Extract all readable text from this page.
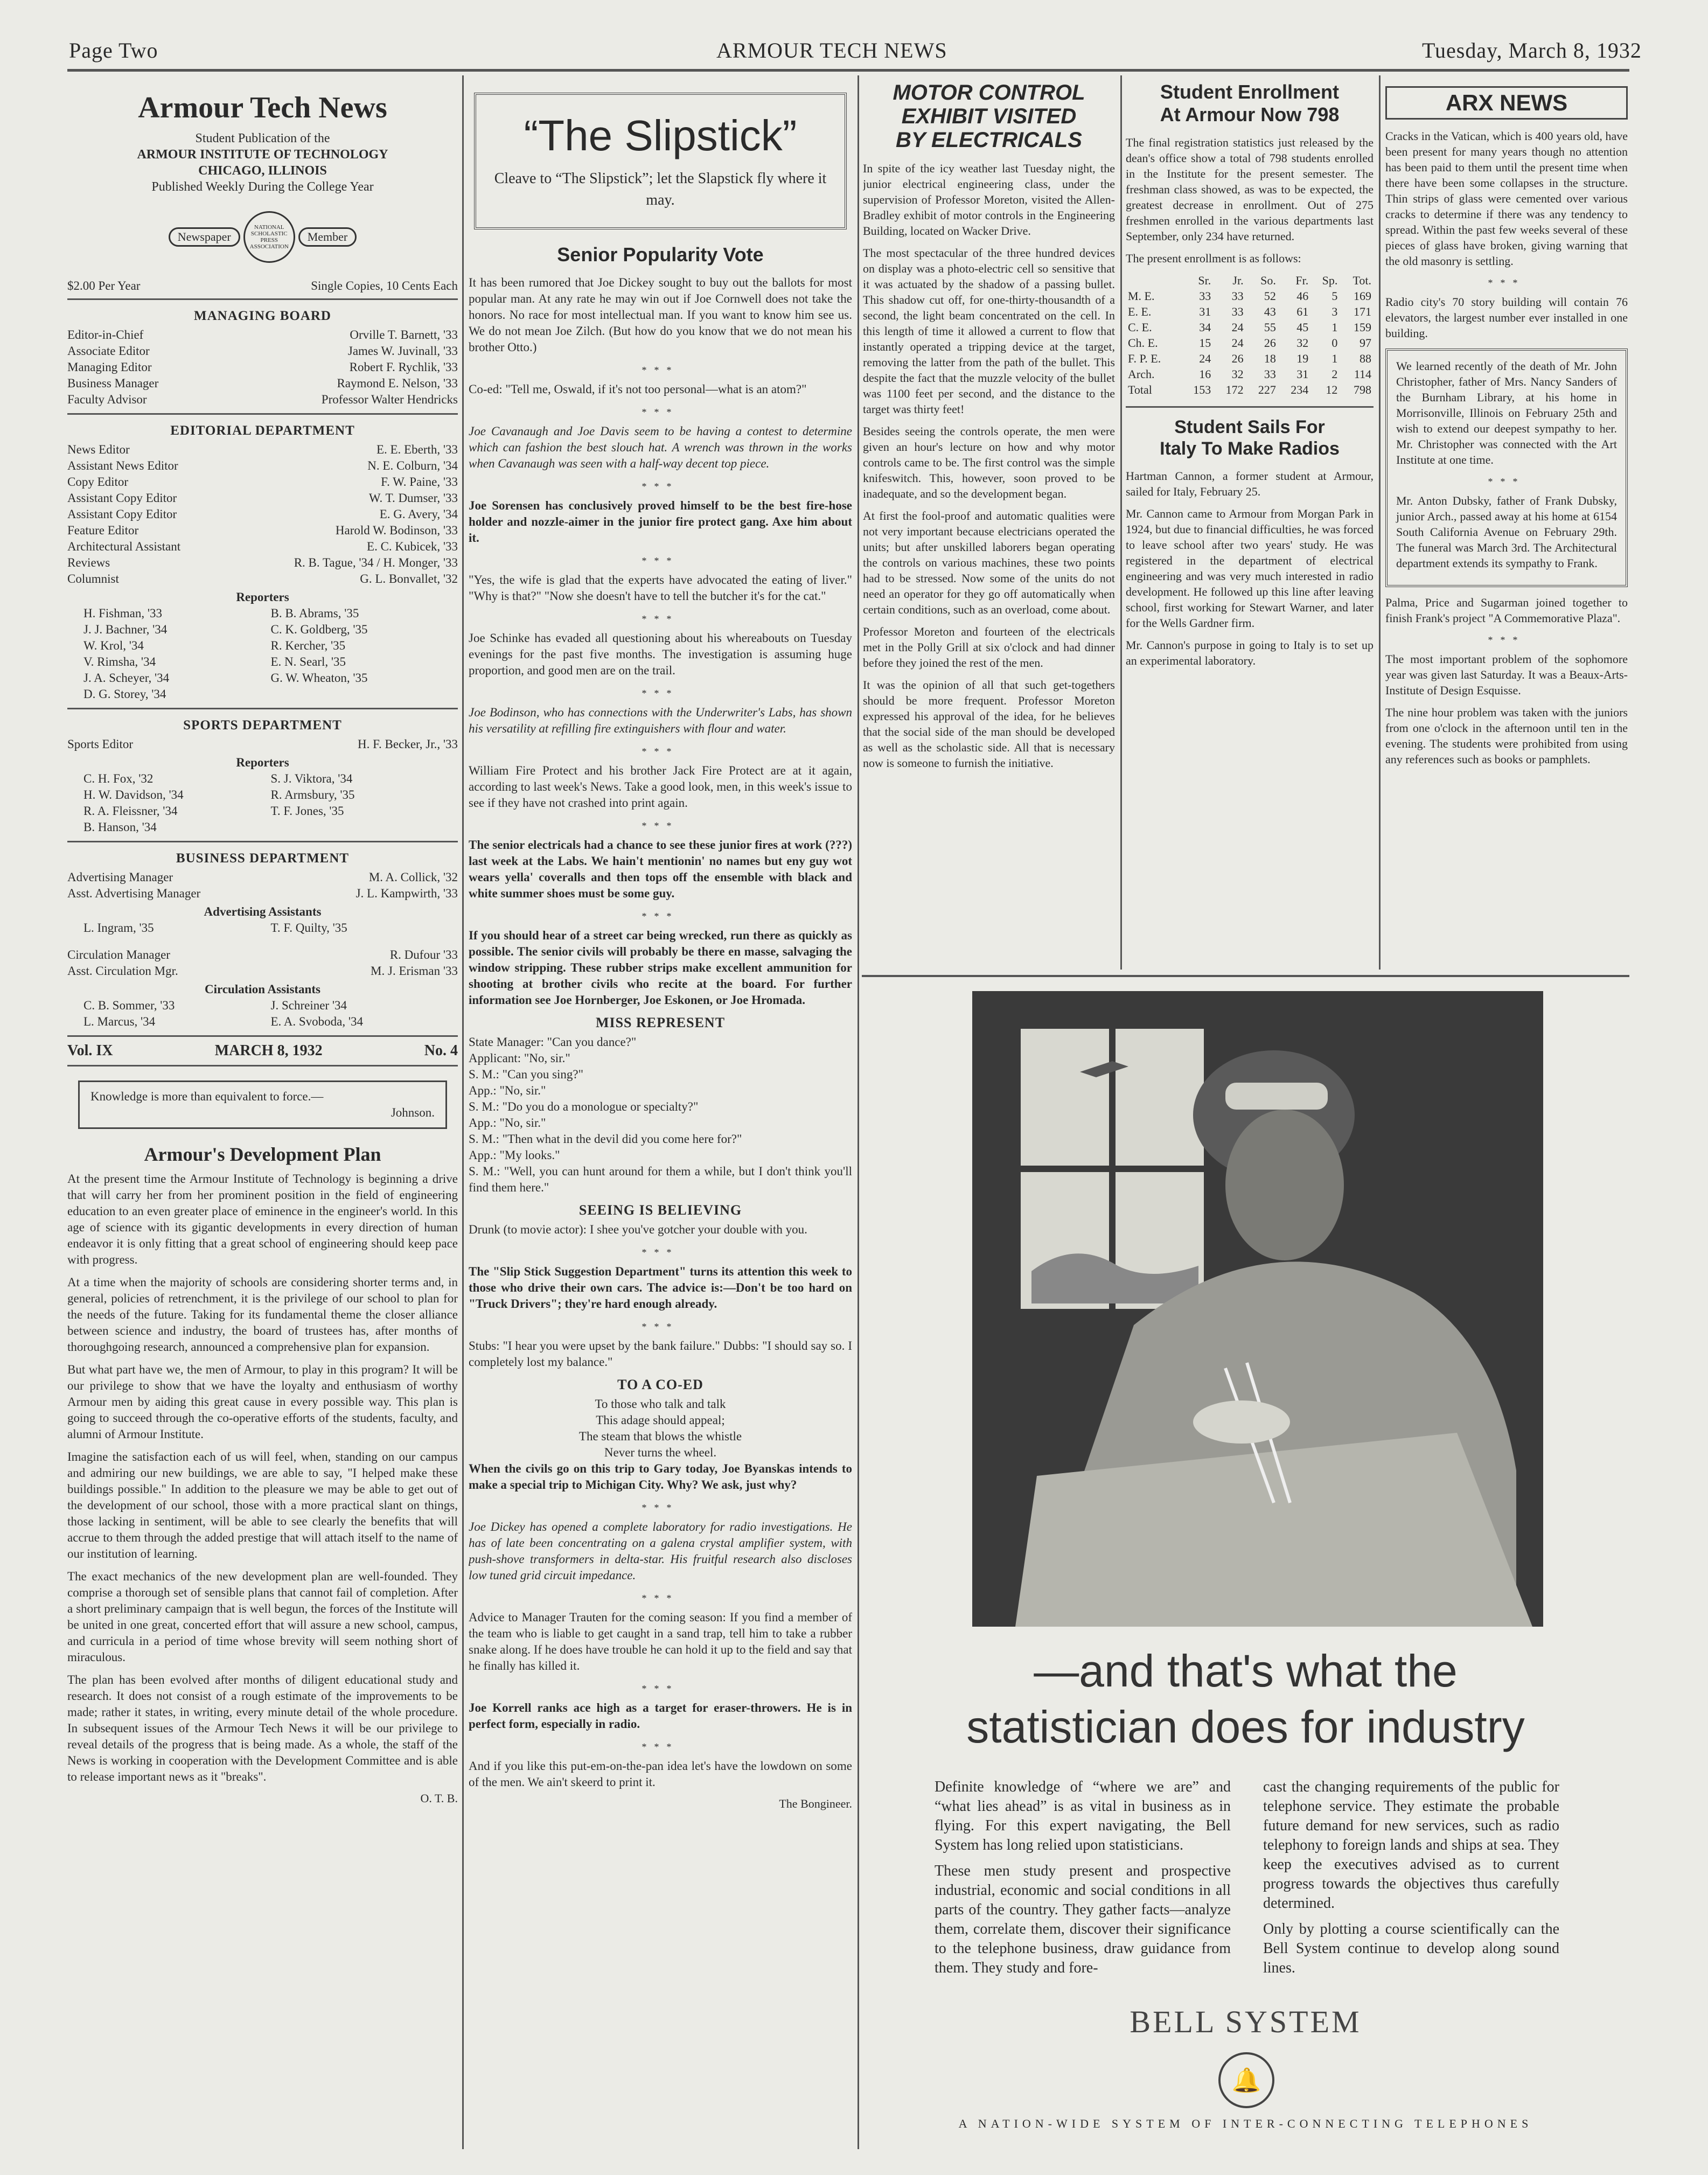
Page Two	ARMOUR TECH NEWS	Tuesday, March 8, 1932
Armour Tech News
Student Publication of the
ARMOUR INSTITUTE OF TECHNOLOGY
CHICAGO, ILLINOIS
Published Weekly During the College Year
Newspaper
NATIONAL SCHOLASTIC PRESS ASSOCIATION
Member
$2.00 Per Year	Single Copies, 10 Cents Each
MANAGING BOARD
Editor-in-Chief	Orville T. Barnett, '33
Associate Editor	James W. Juvinall, '33
Managing Editor	Robert F. Rychlik, '33
Business Manager	Raymond E. Nelson, '33
Faculty Advisor	Professor Walter Hendricks
EDITORIAL DEPARTMENT
News Editor	E. E. Eberth, '33
Assistant News Editor	N. E. Colburn, '34
Copy Editor	F. W. Paine, '33
Assistant Copy Editor	W. T. Dumser, '33
Assistant Copy Editor	E. G. Avery, '34
Feature Editor	Harold W. Bodinson, '33
Architectural Assistant	E. C. Kubicek, '33
Reviews	R. B. Tague, '34 / H. Monger, '33
Columnist	G. L. Bonvallet, '32
Reporters
H. Fishman, '33	B. B. Abrams, '35
J. J. Bachner, '34	C. K. Goldberg, '35
W. Krol, '34	R. Kercher, '35
V. Rimsha, '34	E. N. Searl, '35
J. A. Scheyer, '34	G. W. Wheaton, '35
D. G. Storey, '34
SPORTS DEPARTMENT
Sports Editor	H. F. Becker, Jr., '33
Reporters
C. H. Fox, '32	S. J. Viktora, '34
H. W. Davidson, '34	R. Armsbury, '35
R. A. Fleissner, '34	T. F. Jones, '35
B. Hanson, '34
BUSINESS DEPARTMENT
Advertising Manager	M. A. Collick, '32
Asst. Advertising Manager	J. L. Kampwirth, '33
Advertising Assistants
L. Ingram, '35	T. F. Quilty, '35
Circulation Manager	R. Dufour '33
Asst. Circulation Mgr.	M. J. Erisman '33
Circulation Assistants
C. B. Sommer, '33	J. Schreiner '34
L. Marcus, '34	E. A. Svoboda, '34
Vol. IX	MARCH 8, 1932	No. 4
Knowledge is more than equivalent to force.—
Johnson.
Armour's Development Plan

At the present time the Armour Institute of Technology is beginning a drive that will carry her from her prominent position in the field of engineering education to an even greater place of eminence in the engineer's world. In this age of science with its gigantic developments in every direction of human endeavor it is only fitting that a great school of engineering should keep pace with progress.

At a time when the majority of schools are considering shorter terms and, in general, policies of retrenchment, it is the privilege of our school to plan for the needs of the future. Taking for its fundamental theme the closer alliance between science and industry, the board of trustees has, after months of thoroughgoing research, announced a comprehensive plan for expansion.

But what part have we, the men of Armour, to play in this program? It will be our privilege to show that we have the loyalty and enthusiasm of worthy Armour men by aiding this great cause in every possible way. This plan is going to succeed through the co-operative efforts of the students, faculty, and alumni of Armour Institute.

Imagine the satisfaction each of us will feel, when, standing on our campus and admiring our new buildings, we are able to say, "I helped make these buildings possible." In addition to the pleasure we may be able to get out of the development of our school, those with a more practical slant on things, those lacking in sentiment, will be able to see clearly the benefits that will accrue to them through the added prestige that will attach itself to the name of our institution of learning.

The exact mechanics of the new development plan are well-founded. They comprise a thorough set of sensible plans that cannot fail of completion. After a short preliminary campaign that is well begun, the forces of the Institute will be united in one great, concerted effort that will assure a new school, campus, and curricula in a period of time whose brevity will seem nothing short of miraculous.

The plan has been evolved after months of diligent educational study and research. It does not consist of a rough estimate of the improvements to be made; rather it states, in writing, every minute detail of the whole procedure. In subsequent issues of the Armour Tech News it will be our privilege to reveal details of the progress that is being made. As a whole, the staff of the News is working in cooperation with the Development Committee and is able to release important news as it "breaks".

O. T. B.
“The Slipstick”
Cleave to “The Slipstick”; let the Slapstick fly where it may.
Senior Popularity Vote

It has been rumored that Joe Dickey sought to buy out the ballots for most popular man. At any rate he may win out if Joe Cornwell does not take the honors. No race for most intellectual man. If you want to know him see us. We do not mean Joe Zilch. (But how do you know that we do not mean his brother Otto.)

***

Co-ed: "Tell me, Oswald, if it's not too personal—what is an atom?"

***

Joe Cavanaugh and Joe Davis seem to be having a contest to determine which can fashion the best slouch hat. A wrench was thrown in the works when Cavanaugh was seen with a half-way decent top piece.

***

Joe Sorensen has conclusively proved himself to be the best fire-hose holder and nozzle-aimer in the junior fire protect gang. Axe him about it.

***

"Yes, the wife is glad that the experts have advocated the eating of liver." "Why is that?" "Now she doesn't have to tell the butcher it's for the cat."

***

Joe Schinke has evaded all questioning about his whereabouts on Tuesday evenings for the past five months. The investigation is assuming huge proportion, and good men are on the trail.

***

Joe Bodinson, who has connections with the Underwriter's Labs, has shown his versatility at refilling fire extinguishers with flour and water.

***

William Fire Protect and his brother Jack Fire Protect are at it again, according to last week's News. Take a good look, men, in this week's issue to see if they have not crashed into print again.

***

The senior electricals had a chance to see these junior fires at work (???) last week at the Labs. We hain't mentionin' no names but eny guy wot wears yella' coveralls and then tops off the ensemble with black and white summer shoes must be some guy.

***

If you should hear of a street car being wrecked, run there as quickly as possible. The senior civils will probably be there en masse, salvaging the window stripping. These rubber strips make excellent ammunition for shooting at brother civils who recite at the board. For further information see Joe Hornberger, Joe Eskonen, or Joe Hromada.

MISS REPRESENT
State Manager: "Can you dance?"
Applicant: "No, sir."
S. M.: "Can you sing?"
App.: "No, sir."
S. M.: "Do you do a monologue or specialty?"
App.: "No, sir."
S. M.: "Then what in the devil did you come here for?"
App.: "My looks."

S. M.: "Well, you can hunt around for them a while, but I don't think you'll find them here."

SEEING IS BELIEVING

Drunk (to movie actor): I shee you've gotcher your double with you.

***

The "Slip Stick Suggestion Department" turns its attention this week to those who drive their own cars. The advice is:—Don't be too hard on "Truck Drivers"; they're hard enough already.

***

Stubs: "I hear you were upset by the bank failure." Dubbs: "I should say so. I completely lost my balance."

TO A CO-ED
To those who talk and talk
This adage should appeal;
The steam that blows the whistle
Never turns the wheel.

When the civils go on this trip to Gary today, Joe Byanskas intends to make a special trip to Michigan City. Why? We ask, just why?

***

Joe Dickey has opened a complete laboratory for radio investigations. He has of late been concentrating on a galena crystal amplifier system, with push-shove transformers in delta-star. His fruitful research also discloses low tuned grid circuit impedance.

***

Advice to Manager Trauten for the coming season: If you find a member of the team who is liable to get caught in a sand trap, tell him to take a rubber snake along. If he does have trouble he can hold it up to the field and say that he finally has killed it.

***

Joe Korrell ranks ace high as a target for eraser-throwers. He is in perfect form, especially in radio.

***

And if you like this put-em-on-the-pan idea let's have the lowdown on some of the men. We ain't skeerd to print it.

The Bongineer.
MOTOR CONTROL
EXHIBIT VISITED
BY ELECTRICALS

In spite of the icy weather last Tuesday night, the junior electrical engineering class, under the supervision of Professor Moreton, visited the Allen-Bradley exhibit of motor controls in the Engineering Building, located on Wacker Drive.

The most spectacular of the three hundred devices on display was a photo-electric cell so sensitive that it was actuated by the shadow of a passing bullet. This shadow cut off, for one-thirty-thousandth of a second, the light beam concentrated on the cell. In this length of time it allowed a current to flow that instantly operated a tripping device at the target, removing the latter from the path of the bullet. This despite the fact that the muzzle velocity of the bullet was 1100 feet per second, and the distance to the target was thirty feet!

Besides seeing the controls operate, the men were given an hour's lecture on how and why motor controls came to be. The first control was the simple knifeswitch. This, however, soon proved to be inadequate, and so the development began.

At first the fool-proof and automatic qualities were not very important because electricians operated the units; but after unskilled laborers began operating the controls on various machines, these two points had to be stressed. Now some of the units do not need an operator for they go off automatically when certain conditions, such as an overload, come about.

Professor Moreton and fourteen of the electricals met in the Polly Grill at six o'clock and had dinner before they joined the rest of the men.

It was the opinion of all that such get-togethers should be more frequent. Professor Moreton expressed his approval of the idea, for he believes that the social side of the man should be developed as well as the scholastic side. All that is necessary now is someone to furnish the initiative.

Student Enrollment
At Armour Now 798

The final registration statistics just released by the dean's office show a total of 798 students enrolled in the Institute for the present semester. The freshman class showed, as was to be expected, the greatest decrease in enrollment. Out of 275 freshmen enrolled in the various departments last September, only 234 have returned.

The present enrollment is as follows:

	Sr.	Jr.	So.	Fr.	Sp.	Tot.
M. E.	33	33	52	46	5	169
E. E.	31	33	43	61	3	171
C. E.	34	24	55	45	1	159
Ch. E.	15	24	26	32	0	97
F. P. E.	24	26	18	19	1	88
Arch.	16	32	33	31	2	114
Total	153	172	227	234	12	798
Student Sails For
Italy To Make Radios

Hartman Cannon, a former student at Armour, sailed for Italy, February 25.

Mr. Cannon came to Armour from Morgan Park in 1924, but due to financial difficulties, he was forced to leave school after two years' study. He was registered in the department of electrical engineering and was very much interested in radio development. He followed up this line after leaving school, first working for Stewart Warner, and later for the Wells Gardner firm.

Mr. Cannon's purpose in going to Italy is to set up an experimental laboratory.

ARX NEWS

Cracks in the Vatican, which is 400 years old, have been present for many years though no attention has been paid to them until the present time when there have been some collapses in the structure. Thin strips of glass were cemented over various cracks to determine if there was any tendency to spread. Within the past few weeks several of these pieces of glass have broken, giving warning that the old masonry is settling.

***

Radio city's 70 story building will contain 76 elevators, the largest number ever installed in one building.

We learned recently of the death of Mr. John Christopher, father of Mrs. Nancy Sanders of the Burnham Library, at his home in Morrisonville, Illinois on February 25th and wish to extend our deepest sympathy to her. Mr. Christopher was connected with the Art Institute at one time.

***

Mr. Anton Dubsky, father of Frank Dubsky, junior Arch., passed away at his home at 6154 South California Avenue on February 29th. The funeral was March 3rd. The Architectural department extends its sympathy to Frank.

Palma, Price and Sugarman joined together to finish Frank's project "A Commemorative Plaza".

***

The most important problem of the sophomore year was given last Saturday. It was a Beaux-Arts-Institute of Design Esquisse.

The nine hour problem was taken with the juniors from one o'clock in the afternoon until ten in the evening. The students were prohibited from using any references such as books or pamphlets.

—and that's what the
statistician does for industry

Definite knowledge of “where we are” and “what lies ahead” is as vital in business as in flying. For this expert navigating, the Bell System has long relied upon statisticians.

These men study present and prospective industrial, economic and social conditions in all parts of the country. They gather facts—analyze them, correlate them, discover their significance to the telephone business, draw guidance from them. They study and fore-

cast the changing requirements of the public for telephone service. They estimate the probable future demand for new services, such as radio telephony to foreign lands and ships at sea. They keep the executives advised as to current progress towards the objectives thus carefully determined.

Only by plotting a course scientifically can the Bell System continue to develop along sound lines.

BELL SYSTEM
🔔
A NATION-WIDE SYSTEM OF INTER-CONNECTING TELEPHONES
